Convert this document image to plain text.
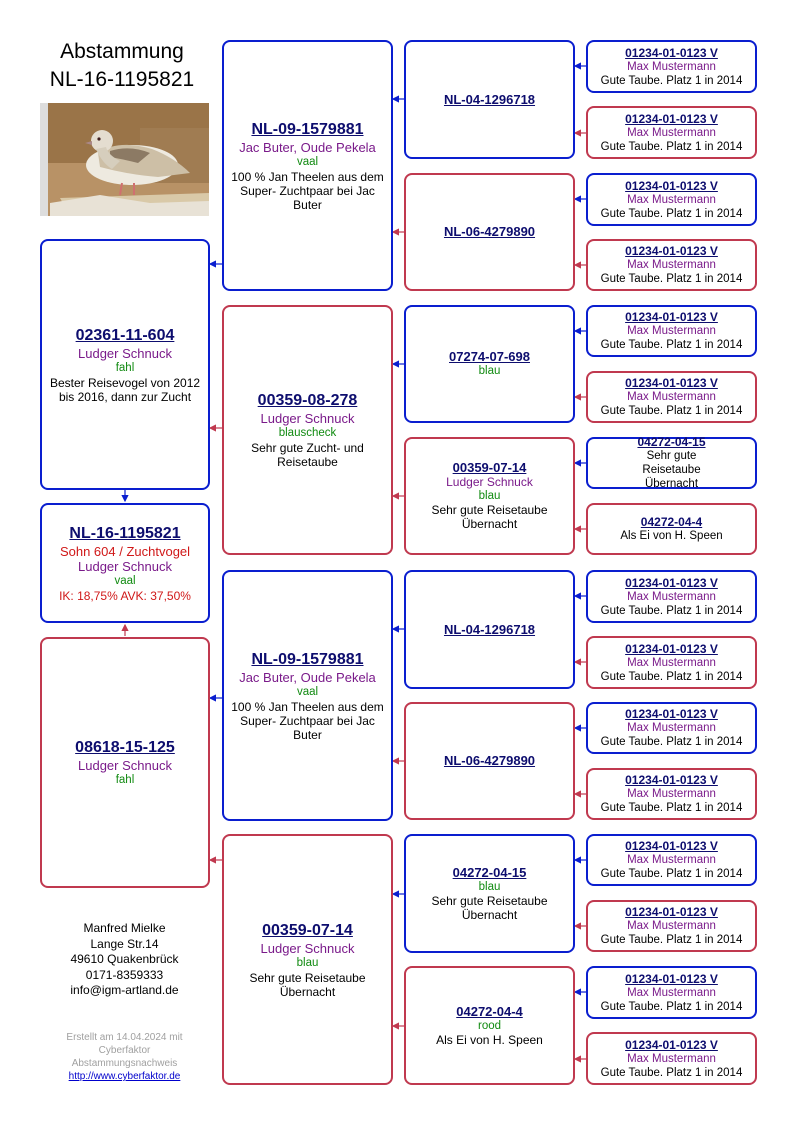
Abstammung
NL-16-1195821
02361-11-604
Ludger Schnuck
fahl
Bester Reisevogel von 2012 bis 2016, dann zur Zucht
NL-16-1195821
Sohn 604 / Zuchtvogel
Ludger Schnuck
vaal
IK: 18,75% AVK: 37,50%
08618-15-125
Ludger Schnuck
fahl
NL-09-1579881
Jac Buter, Oude Pekela
vaal
100 % Jan Theelen aus dem Super- Zuchtpaar bei Jac Buter
00359-08-278
Ludger Schnuck
blauscheck
Sehr gute Zucht- und Reisetaube
NL-09-1579881
Jac Buter, Oude Pekela
vaal
100 % Jan Theelen aus dem Super- Zuchtpaar bei Jac Buter
00359-07-14
Ludger Schnuck
blau
Sehr gute Reisetaube Übernacht
NL-04-1296718
NL-06-4279890
07274-07-698
blau
00359-07-14
Ludger Schnuck
blau
Sehr gute Reisetaube Übernacht
NL-04-1296718
NL-06-4279890
04272-04-15
blau
Sehr gute Reisetaube Übernacht
04272-04-4
rood
Als Ei von H. Speen
01234-01-0123 V
Max Mustermann
Gute Taube. Platz 1 in 2014
01234-01-0123 V
Max Mustermann
Gute Taube. Platz 1 in 2014
01234-01-0123 V
Max Mustermann
Gute Taube. Platz 1 in 2014
01234-01-0123 V
Max Mustermann
Gute Taube. Platz 1 in 2014
01234-01-0123 V
Max Mustermann
Gute Taube. Platz 1 in 2014
01234-01-0123 V
Max Mustermann
Gute Taube. Platz 1 in 2014
04272-04-15
Sehr gute Reisetaube Übernacht
04272-04-4
Als Ei von H. Speen
01234-01-0123 V
Max Mustermann
Gute Taube. Platz 1 in 2014
01234-01-0123 V
Max Mustermann
Gute Taube. Platz 1 in 2014
01234-01-0123 V
Max Mustermann
Gute Taube. Platz 1 in 2014
01234-01-0123 V
Max Mustermann
Gute Taube. Platz 1 in 2014
01234-01-0123 V
Max Mustermann
Gute Taube. Platz 1 in 2014
01234-01-0123 V
Max Mustermann
Gute Taube. Platz 1 in 2014
01234-01-0123 V
Max Mustermann
Gute Taube. Platz 1 in 2014
01234-01-0123 V
Max Mustermann
Gute Taube. Platz 1 in 2014
Manfred Mielke
Lange Str.14
49610 Quakenbrück
0171-8359333
info@igm-artland.de
Erstellt am 14.04.2024 mit
Cyberfaktor
Abstammungsnachweis
http://www.cyberfaktor.de
